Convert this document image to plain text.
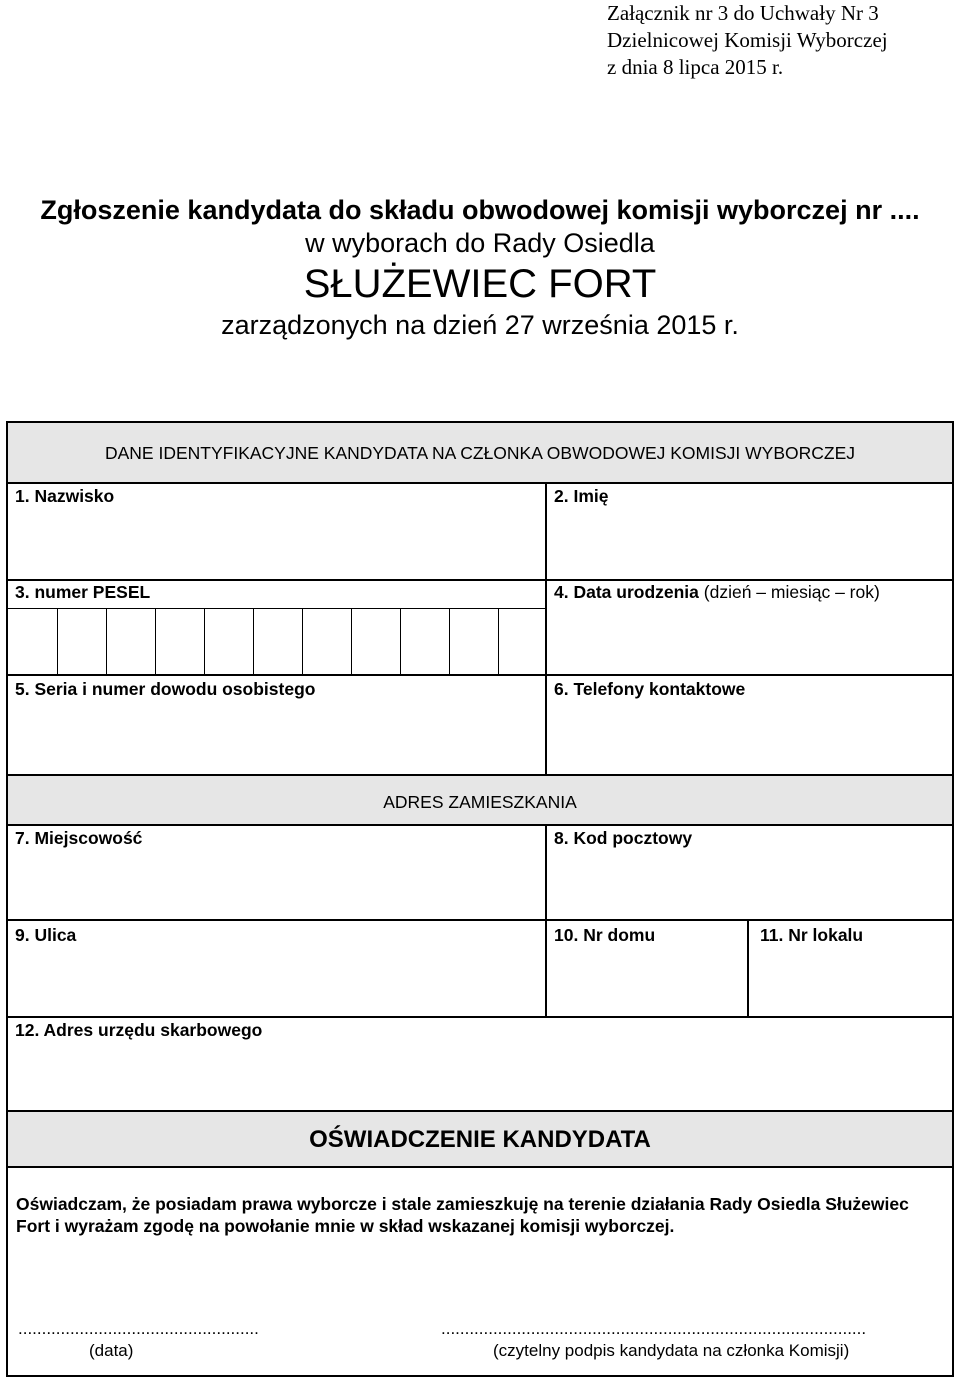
Załącznik nr 3 do Uchwały Nr 3
Dzielnicowej Komisji Wyborczej
z dnia 8 lipca 2015 r.
Zgłoszenie kandydata do składu obwodowej komisji wyborczej nr ....
w wyborach do Rady Osiedla
SŁUŻEWIEC FORT
zarządzonych na dzień 27 września 2015 r.
DANE IDENTYFIKACYJNE KANDYDATA NA CZŁONKA OBWODOWEJ KOMISJI WYBORCZEJ
1. Nazwisko	2. Imię
3. numer PESEL	4. Data urodzenia (dzień – miesiąc – rok)
5. Seria i numer dowodu osobistego	6. Telefony kontaktowe
ADRES ZAMIESZKANIA
7. Miejscowość	8. Kod pocztowy
9. Ulica	10. Nr domu	11. Nr lokalu
12. Adres urzędu skarbowego
OŚWIADCZENIE KANDYDATA
Oświadczam, że posiadam prawa wyborcze i stale zamieszkuję na terenie działania Rady Osiedla Służewiec Fort i wyrażam zgodę na powołanie mnie w skład wskazanej komisji wyborczej.
...................................................	..........................................................................................
(data)	(czytelny podpis kandydata na członka Komisji)
